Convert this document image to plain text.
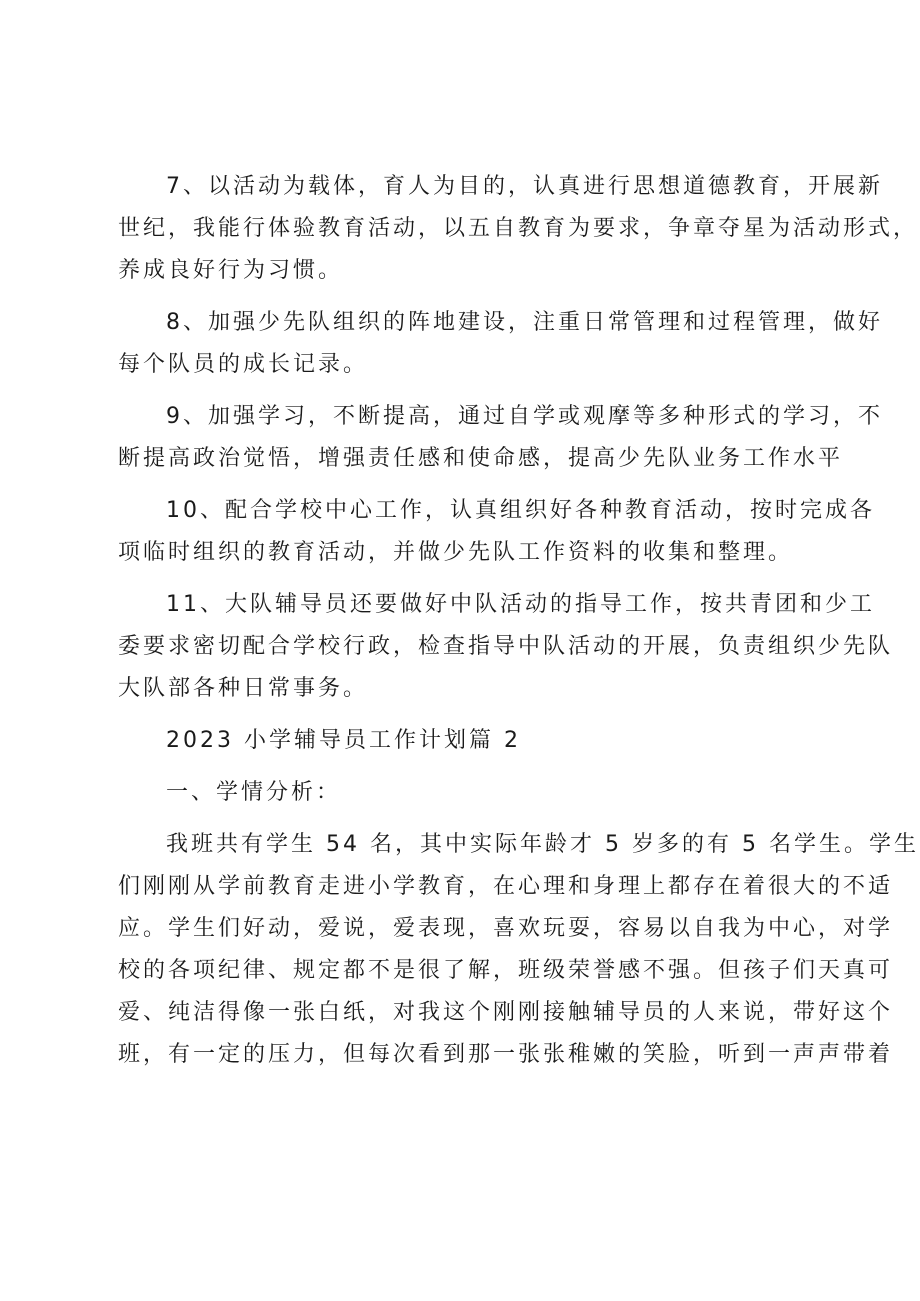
7、以活动为载体，育人为目的，认真进行思想道德教育，开展新
世纪，我能行体验教育活动，以五自教育为要求，争章夺星为活动形式，
养成良好行为习惯。
8、加强少先队组织的阵地建设，注重日常管理和过程管理，做好
每个队员的成长记录。
9、加强学习，不断提高，通过自学或观摩等多种形式的学习，不
断提高政治觉悟，增强责任感和使命感，提高少先队业务工作水平
10、配合学校中心工作，认真组织好各种教育活动，按时完成各
项临时组织的教育活动，并做少先队工作资料的收集和整理。
11、大队辅导员还要做好中队活动的指导工作，按共青团和少工
委要求密切配合学校行政，检查指导中队活动的开展，负责组织少先队
大队部各种日常事务。
2023 小学辅导员工作计划篇 2
一、学情分析：
我班共有学生 54 名，其中实际年龄才 5 岁多的有 5 名学生。学生
们刚刚从学前教育走进小学教育，在心理和身理上都存在着很大的不适
应。学生们好动，爱说，爱表现，喜欢玩耍，容易以自我为中心，对学
校的各项纪律、规定都不是很了解，班级荣誉感不强。但孩子们天真可
爱、纯洁得像一张白纸，对我这个刚刚接触辅导员的人来说，带好这个
班，有一定的压力，但每次看到那一张张稚嫩的笑脸，听到一声声带着
